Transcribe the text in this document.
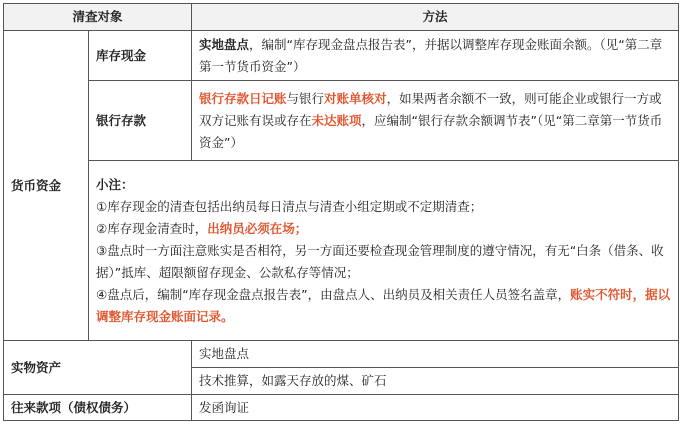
清查对象		方法
货币资金	库存现金	实地盘点，编制“库存现金盘点报告表”，并据以调整库存现金账面余额。（见“第二章第一节货币资金”）
	银行存款	银行存款日记账与银行对账单核对，如果两者余额不一致，则可能企业或银行一方或双方记账有误或存在未达账项，应编制“银行存款余额调节表”（见“第二章第一节货币资金”）

	小注：

①库存现金的清查包括出纳员每日清点与清查小组定期或不定期清查；

②库存现金清查时，出纳员必须在场；

③盘点时一方面注意账实是否相符，另一方面还要检查现金管理制度的遵守情况，有无“白条（借条、收据）”抵库、超限额留存现金、公款私存等情况；

④盘点后，编制“库存现金盘点报告表”，由盘点人、出纳员及相关责任人员签名盖章，账实不符时，据以调整库存现金账面记录。	

实物资产		实地盘点
		技术推算，如露天存放的煤、矿石
往来款项（债权债务）		发函询证
